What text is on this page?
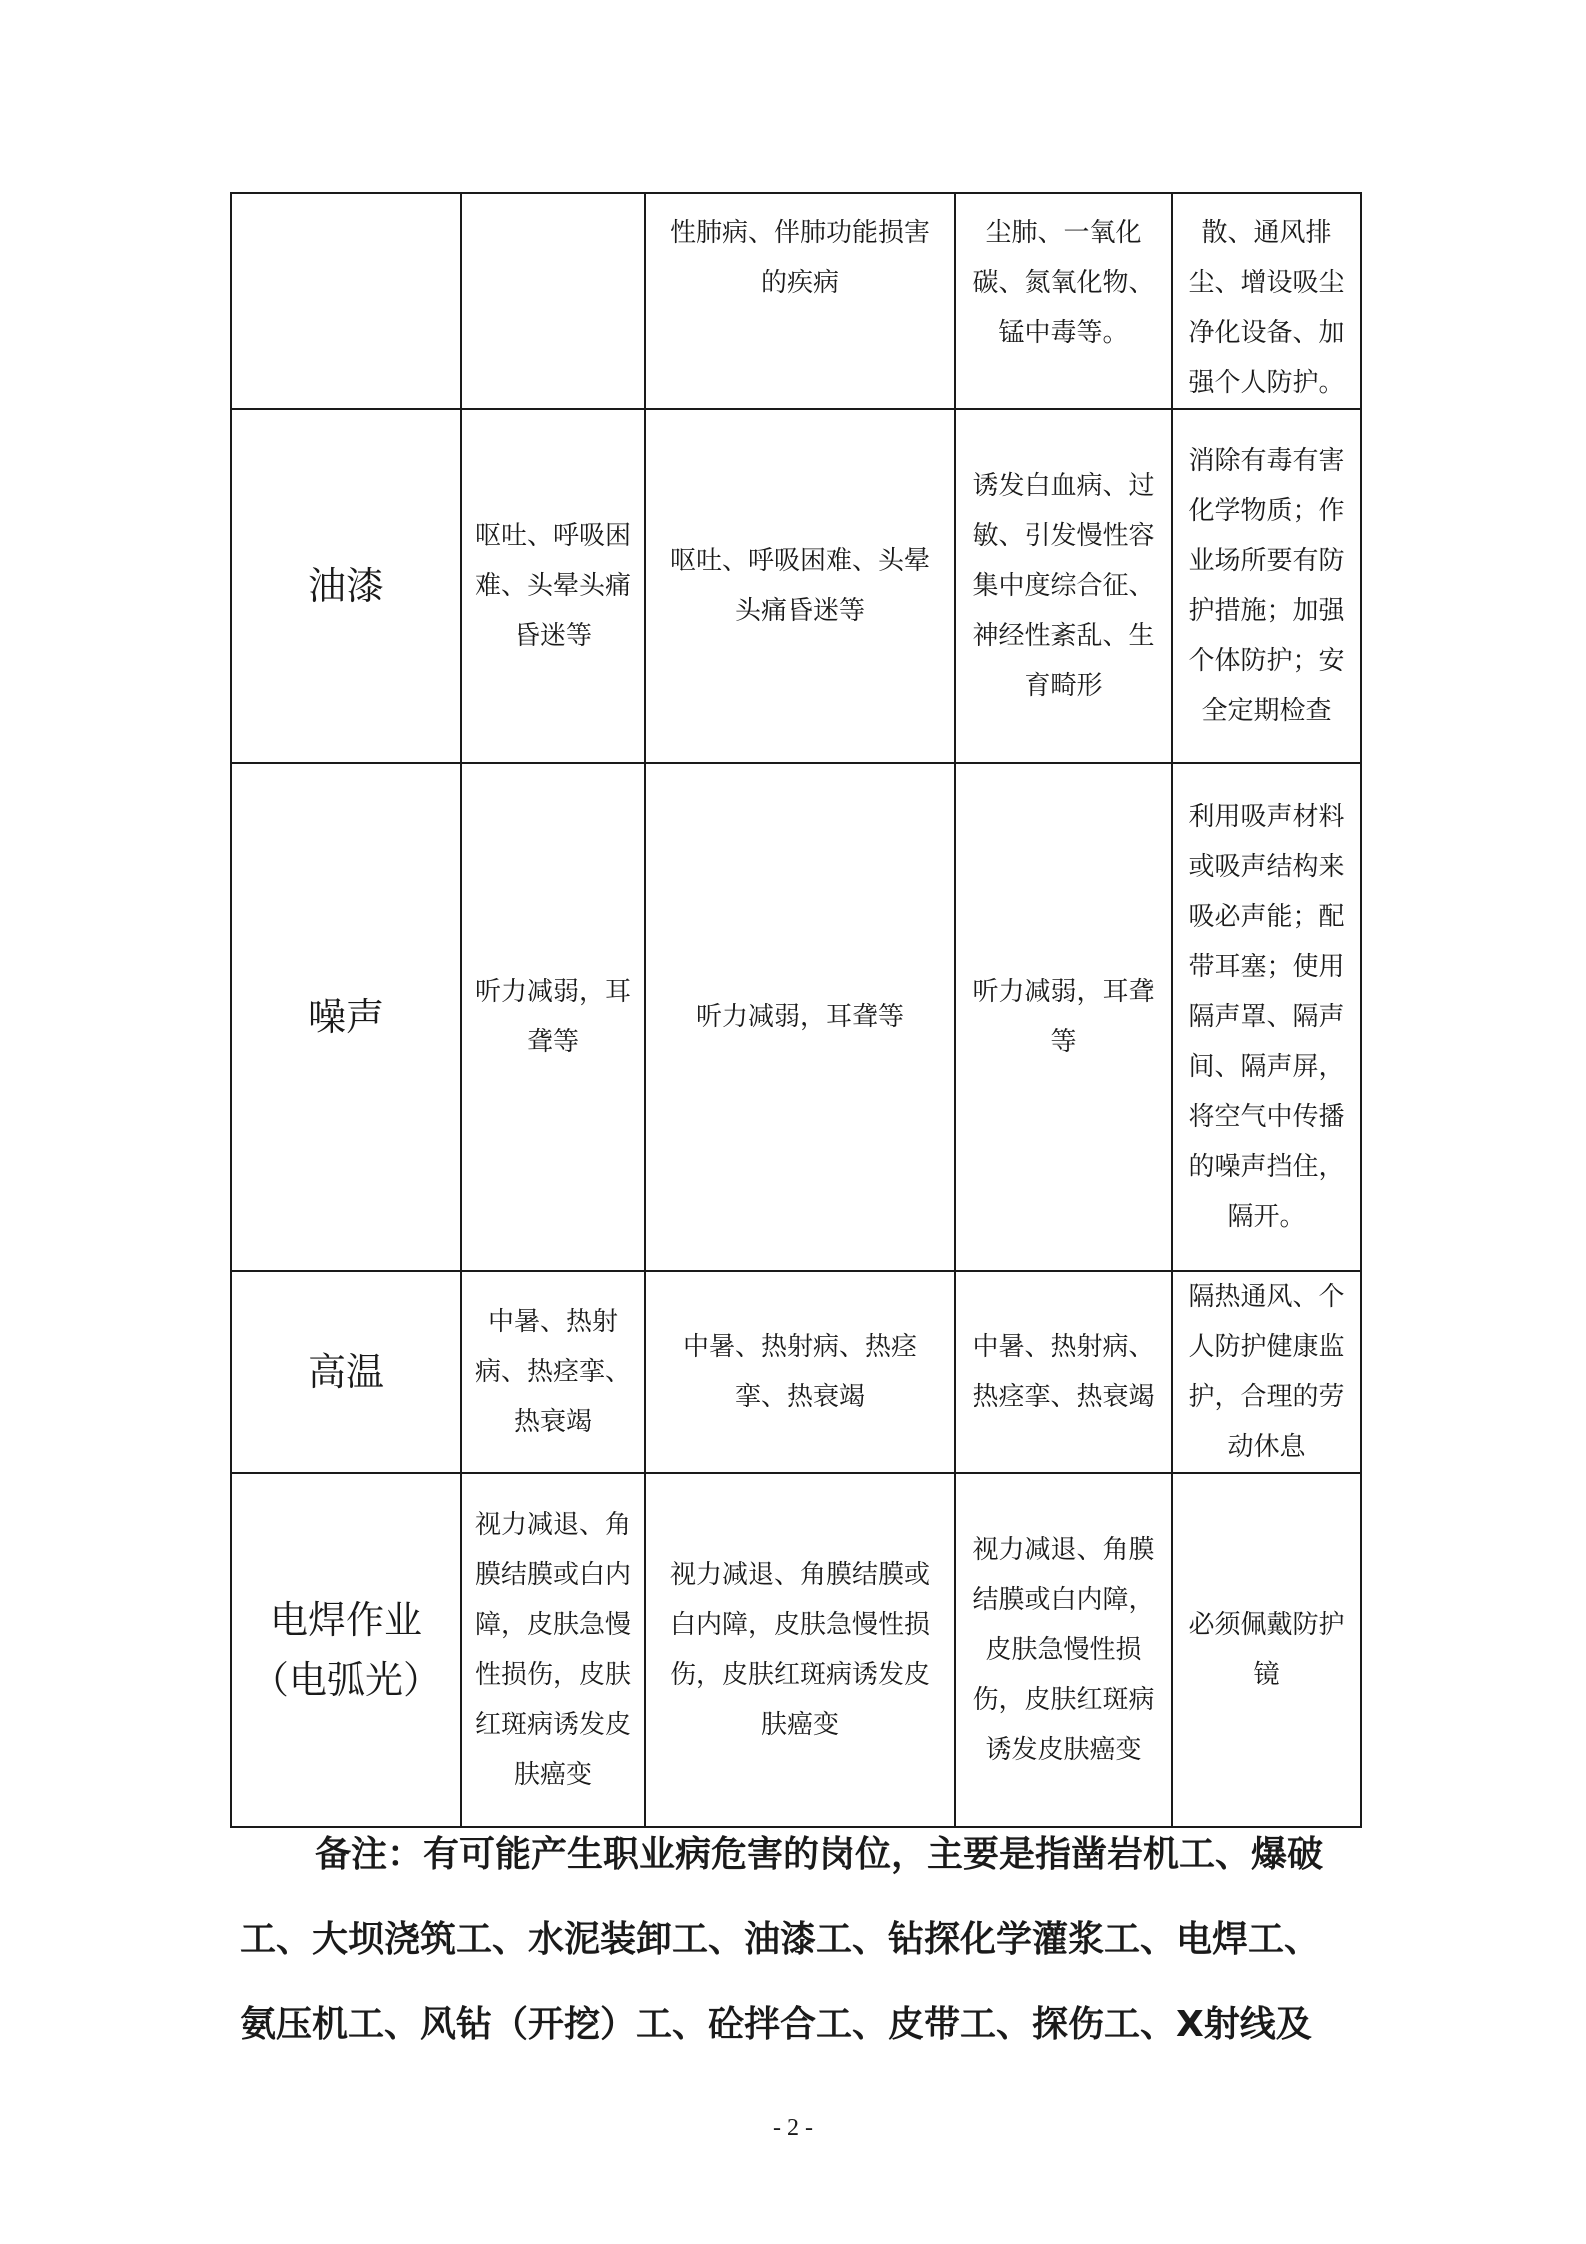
		性肺病、伴肺功能损害的疾病	尘肺、一氧化碳、氮氧化物、锰中毒等。	散、通风排尘、增设吸尘净化设备、加强个人防护。
油漆	呕吐、呼吸困难、头晕头痛昏迷等	呕吐、呼吸困难、头晕头痛昏迷等	诱发白血病、过敏、引发慢性容集中度综合征、神经性紊乱、生育畸形	消除有毒有害化学物质；作业场所要有防护措施；加强个体防护；安全定期检查
噪声	听力减弱，耳聋等	听力减弱，耳聋等	听力减弱，耳聋等	利用吸声材料或吸声结构来吸必声能；配带耳塞；使用隔声罩、隔声间、隔声屏，将空气中传播的噪声挡住，隔开。
高温	中暑、热射病、热痉挛、热衰竭	中暑、热射病、热痉挛、热衰竭	中暑、热射病、热痉挛、热衰竭	隔热通风、个人防护健康监护，合理的劳动休息
电焊作业（电弧光）	视力减退、角膜结膜或白内障，皮肤急慢性损伤，皮肤红斑病诱发皮肤癌变	视力减退、角膜结膜或白内障，皮肤急慢性损伤，皮肤红斑病诱发皮肤癌变	视力减退、角膜结膜或白内障，皮肤急慢性损伤，皮肤红斑病诱发皮肤癌变	必须佩戴防护镜
备注：有可能产生职业病危害的岗位，主要是指凿岩机工、爆破
工、大坝浇筑工、水泥装卸工、油漆工、钻探化学灌浆工、电焊工、
氨压机工、风钻（开挖）工、砼拌合工、皮带工、探伤工、X射线及
- 2 -
